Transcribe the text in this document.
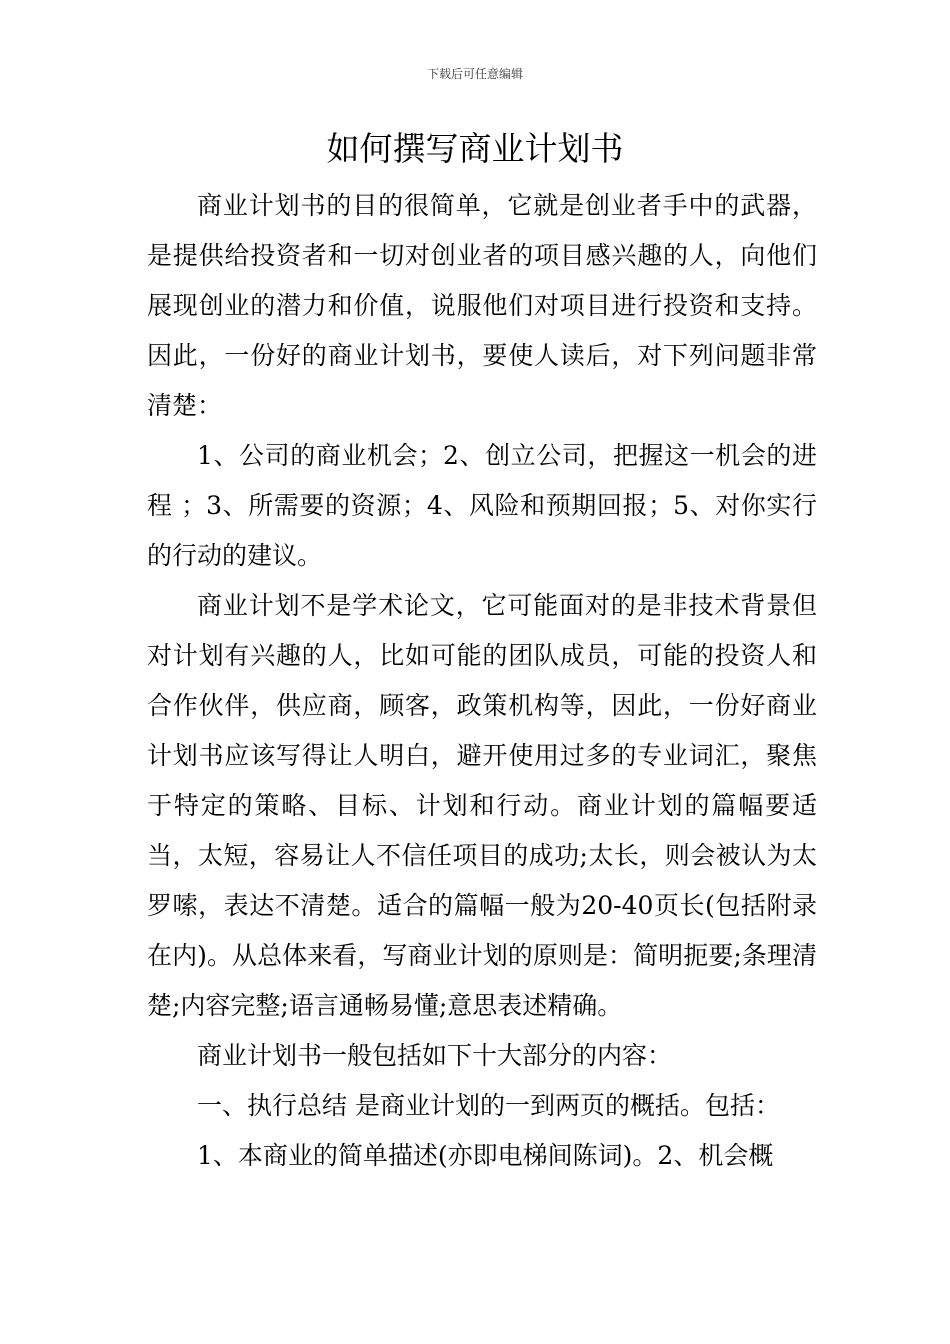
下载后可任意编辑
如何撰写商业计划书

商业计划书的目的很简单，它就是创业者手中的武器，是提供给投资者和一切对创业者的项目感兴趣的人，向他们展现创业的潜力和价值，说服他们对项目进行投资和支持。因此，一份好的商业计划书，要使人读后，对下列问题非常清楚：

1、公司的商业机会；2、创立公司，把握这一机会的进程 ；3、所需要的资源；4、风险和预期回报；5、对你实行的行动的建议。

商业计划不是学术论文，它可能面对的是非技术背景但对计划有兴趣的人，比如可能的团队成员，可能的投资人和合作伙伴，供应商，顾客，政策机构等，因此，一份好商业计划书应该写得让人明白，避开使用过多的专业词汇，聚焦于特定的策略、目标、计划和行动。商业计划的篇幅要适当，太短，容易让人不信任项目的成功;太长，则会被认为太罗嗦，表达不清楚。适合的篇幅一般为20-40页长(包括附录在内)。从总体来看，写商业计划的原则是：简明扼要;条理清楚;内容完整;语言通畅易懂;意思表述精确。

商业计划书一般包括如下十大部分的内容：

一、执行总结 是商业计划的一到两页的概括。包括：

1、本商业的简单描述(亦即电梯间陈词)。2、机会概
